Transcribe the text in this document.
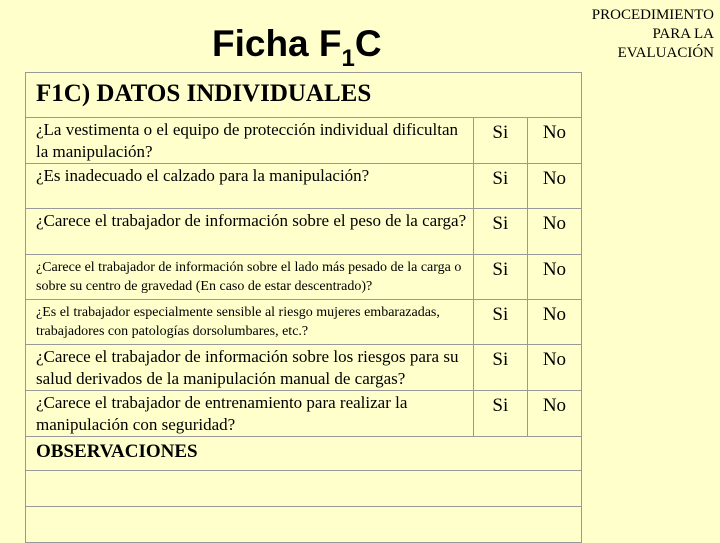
PROCEDIMIENTO
PARA LA
EVALUACIÓN
Ficha $F_1C$
F1C) DATOS INDIVIDUALES		
¿La vestimenta o el equipo de protección individual dificultan la manipulación?	Si	No
¿Es inadecuado el calzado para la manipulación?	Si	No
¿Carece el trabajador de información sobre el peso de la carga?	Si	No
¿Carece el trabajador de información sobre el lado más pesado de la carga o sobre su centro de gravedad (En caso de estar descentrado)?	Si	No
¿Es el trabajador especialmente sensible al riesgo mujeres embarazadas, trabajadores con patologías dorsolumbares, etc.?	Si	No
¿Carece el trabajador de información sobre los riesgos para su salud derivados de la manipulación manual de cargas?	Si	No
¿Carece el trabajador de entrenamiento para realizar la manipulación con seguridad?	Si	No
OBSERVACIONES		
